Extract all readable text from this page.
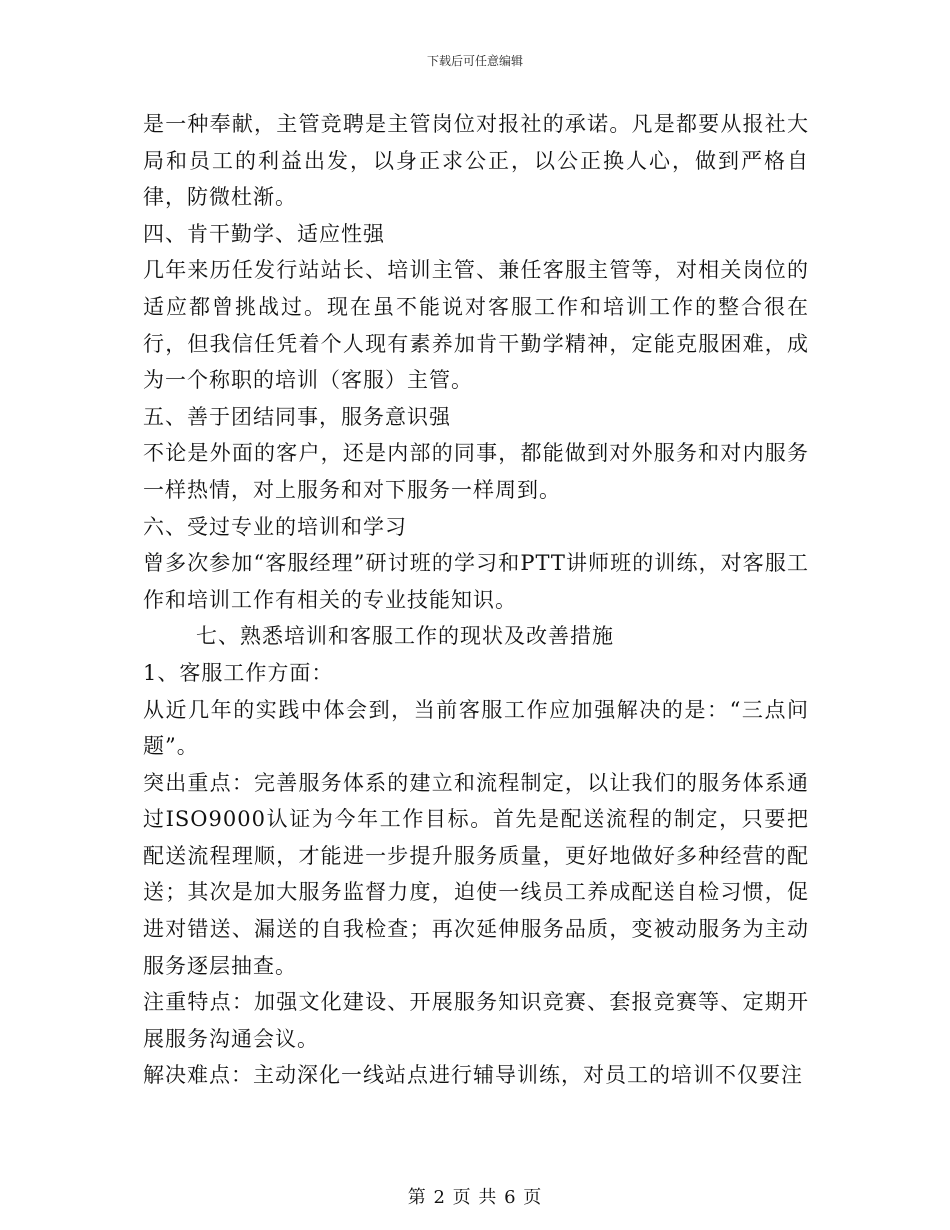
下载后可任意编辑

是一种奉献，主管竞聘是主管岗位对报社的承诺。凡是都要从报社大局和员工的利益出发，以身正求公正，以公正换人心，做到严格自律，防微杜渐。

四、肯干勤学、适应性强

几年来历任发行站站长、培训主管、兼任客服主管等，对相关岗位的适应都曾挑战过。现在虽不能说对客服工作和培训工作的整合很在行，但我信任凭着个人现有素养加肯干勤学精神，定能克服困难，成为一个称职的培训（客服）主管。

五、善于团结同事，服务意识强

不论是外面的客户，还是内部的同事，都能做到对外服务和对内服务一样热情，对上服务和对下服务一样周到。

六、受过专业的培训和学习

曾多次参加“客服经理”研讨班的学习和PTT讲师班的训练，对客服工作和培训工作有相关的专业技能知识。

七、熟悉培训和客服工作的现状及改善措施

1、客服工作方面：

从近几年的实践中体会到，当前客服工作应加强解决的是：“三点问题”。

突出重点：完善服务体系的建立和流程制定，以让我们的服务体系通过ISO9000认证为今年工作目标。首先是配送流程的制定，只要把配送流程理顺，才能进一步提升服务质量，更好地做好多种经营的配送；其次是加大服务监督力度，迫使一线员工养成配送自检习惯，促进对错送、漏送的自我检查；再次延伸服务品质，变被动服务为主动服务逐层抽查。

注重特点：加强文化建设、开展服务知识竞赛、套报竞赛等、定期开展服务沟通会议。

解决难点：主动深化一线站点进行辅导训练，对员工的培训不仅要注

第 2 页 共 6 页
